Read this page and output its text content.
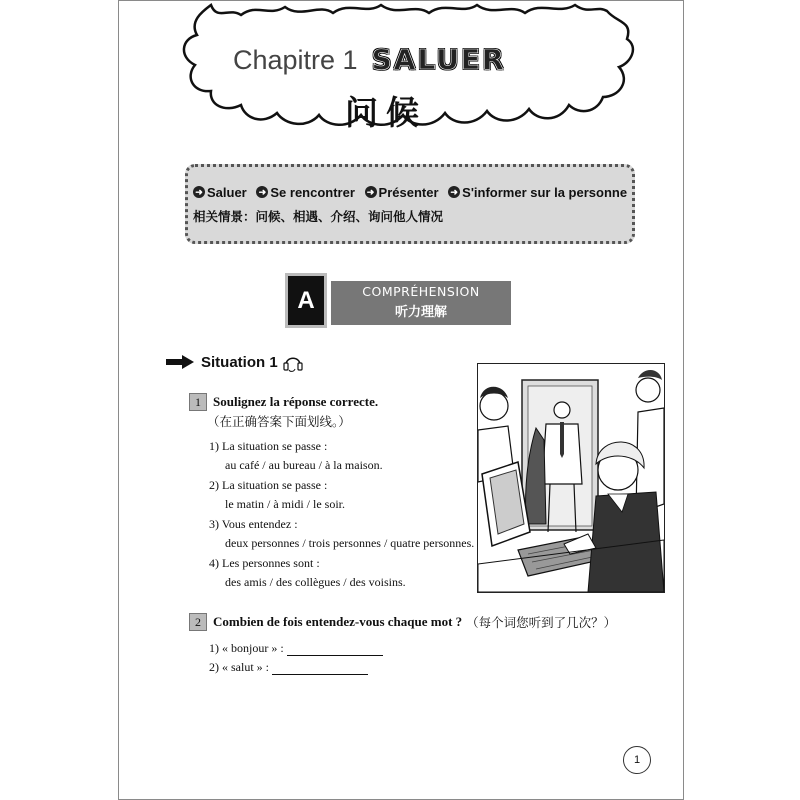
Chapitre 1 SALUER
问候
➜ Saluer
➜ Se rencontrer
➜ Présenter
➜ S'informer sur la personne
相关情景：问候、相遇、介绍、询问他人情况
A	COMPRÉHENSION
听力理解
Situation 1
1 Soulignez la réponse correcte.
（在正确答案下面划线。）
1) La situation se passe :
au café / au bureau / à la maison.
2) La situation se passe :
le matin / à midi / le soir.
3) Vous entendez :
deux personnes / trois personnes / quatre personnes.
4) Les personnes sont :
des amis / des collègues / des voisins.
2 Combien de fois entendez-vous chaque mot ? （每个词您听到了几次？）
1) « bonjour » :
2) « salut » :
1
